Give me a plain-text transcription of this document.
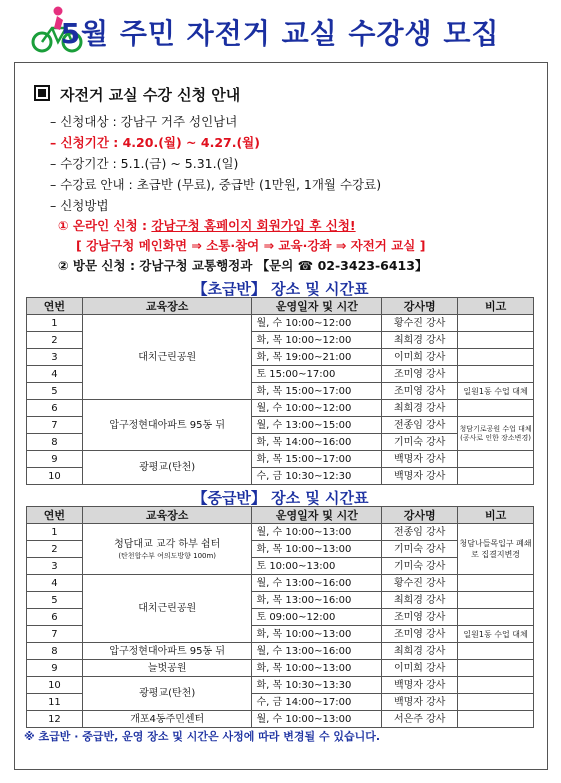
5월 주민 자전거 교실 수강생 모집
자전거 교실 수강 신청 안내
– 신청대상 : 강남구 거주 성인남녀
– 신청기간 : 4.20.(월) ~ 4.27.(월)
– 수강기간 : 5.1.(금) ~ 5.31.(일)
– 수강료 안내 : 초급반 (무료), 중급반 (1만원, 1개월 수강료)
– 신청방법
① 온라인 신청 : 강남구청 홈페이지 회원가입 후 신청!
[ 강남구청 메인화면 ⇒ 소통·참여 ⇒ 교육·강좌 ⇒ 자전거 교실 ]
② 방문 신청 : 강남구청 교통행정과 【문의 ☎ 02-3423-6413】
【초급반】 장소 및 시간표
연번	교육장소	운영일자 및 시간	강사명	비고
1	대치근린공원	월, 수 10:00~12:00	황수진 강사	
2		화, 목 10:00~12:00	최희경 강사	
3		화, 목 19:00~21:00	이미희 강사	
4		토 15:00~17:00	조미영 강사	
5		화, 목 15:00~17:00	조미영 강사	일원1동 수업 대체
6	압구정현대아파트 95동 뒤	월, 수 10:00~12:00	최희경 강사	
7		월, 수 13:00~15:00	전종임 강사	청담기로공원 수업 대체 (공사로 인한 장소변경)
8		화, 목 14:00~16:00	기미숙 강사	
9	광평교(탄천)	화, 목 15:00~17:00	백명자 강사	
10		수, 금 10:30~12:30	백명자 강사	
【중급반】 장소 및 시간표
연번	교육장소	운영일자 및 시간	강사명	비고
1	청담대교 교각 하부 쉼터
(탄천합수부 여의도방향 100m)	월, 수 10:00~13:00	전종임 강사	청담나들목입구 폐쇄로 집결지변경
2		화, 목 10:00~13:00	기미숙 강사	
3		토 10:00~13:00	기미숙 강사	
4	대치근린공원	월, 수 13:00~16:00	황수진 강사	
5		화, 목 13:00~16:00	최희경 강사	
6		토 09:00~12:00	조미영 강사	
7		화, 목 10:00~13:00	조미영 강사	일원1동 수업 대체
8	압구정현대아파트 95동 뒤	월, 수 13:00~16:00	최희경 강사	
9	늘벗공원	화, 목 10:00~13:00	이미희 강사	
10	광평교(탄천)	화, 목 10:30~13:30	백명자 강사	
11		수, 금 14:00~17:00	백명자 강사	
12	개포4동주민센터	월, 수 10:00~13:00	서은주 강사	
※ 초급반 · 중급반, 운영 장소 및 시간은 사정에 따라 변경될 수 있습니다.
